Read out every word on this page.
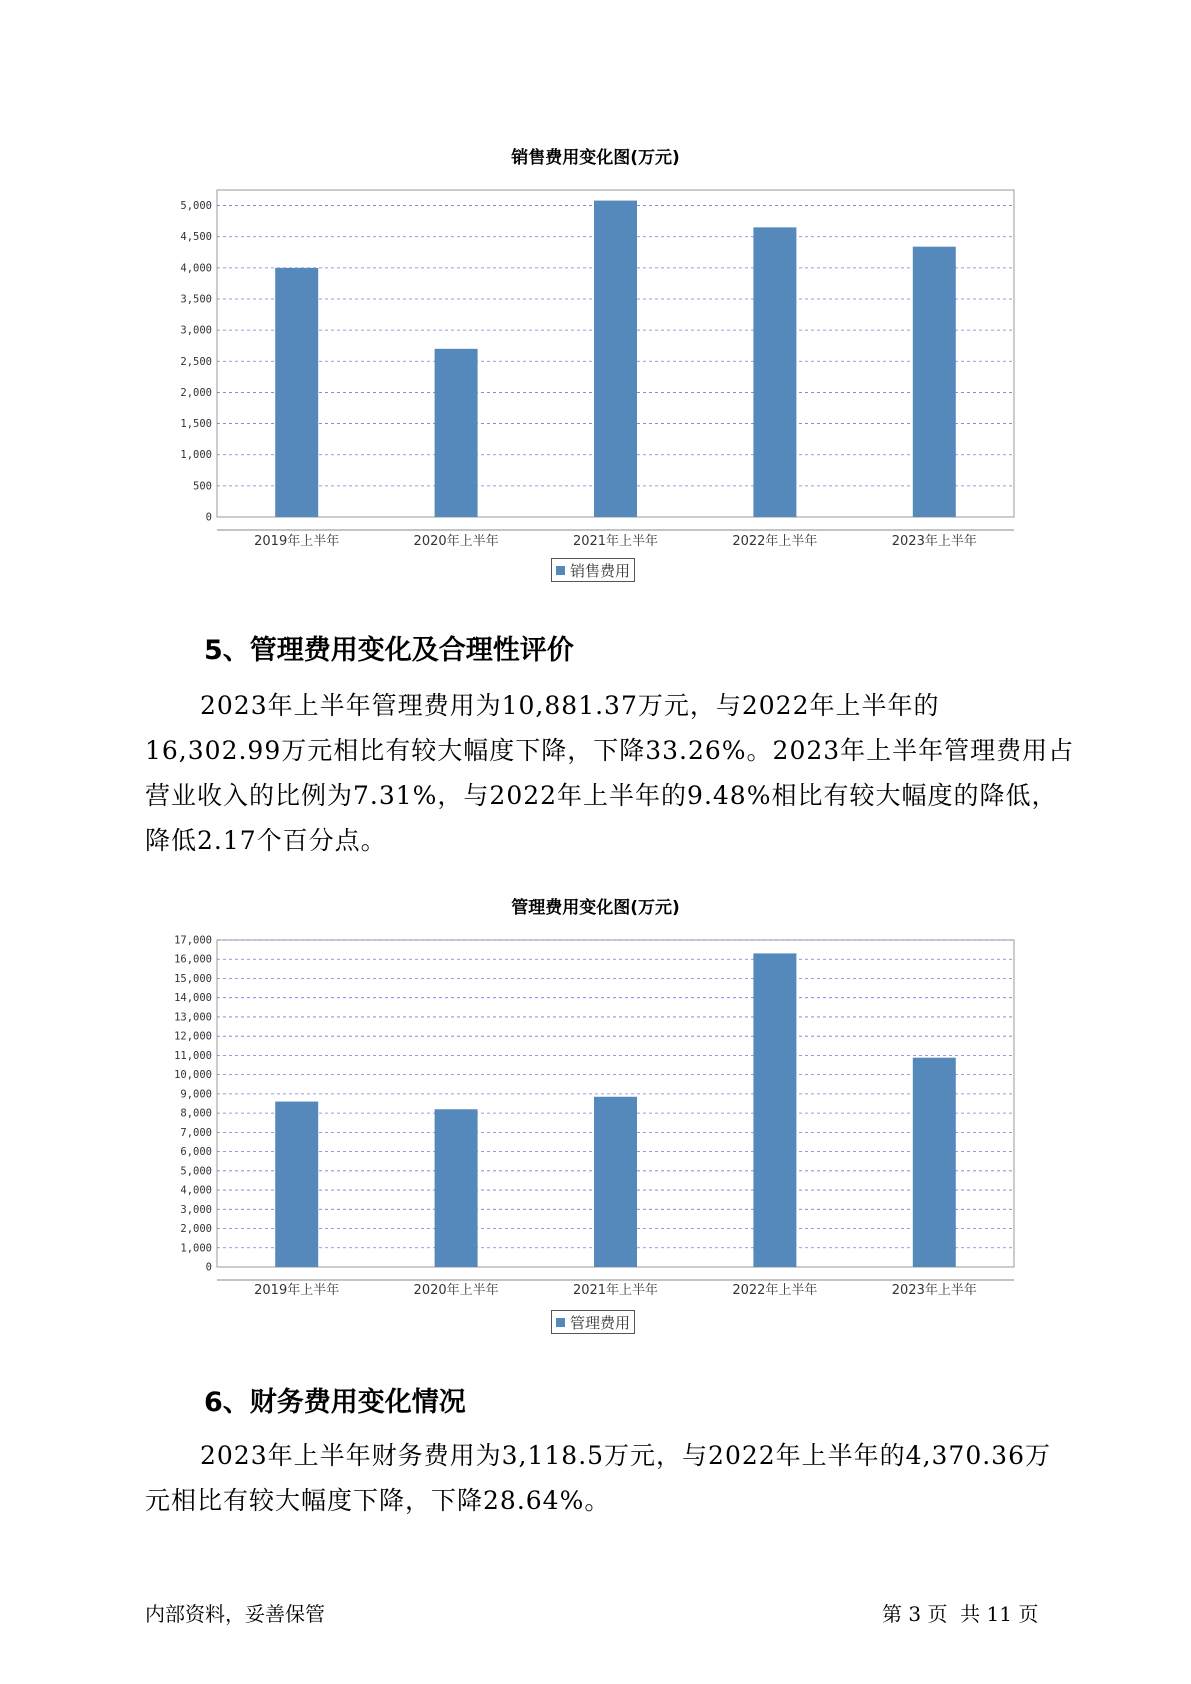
销售费用变化图(万元)
0
500
1,000
1,500
2,000
2,500
3,000
3,500
4,000
4,500
5,000
2019年上半年	2020年上半年	2021年上半年	2022年上半年	2023年上半年
销售费用
5、管理费用变化及合理性评价

2023年上半年管理费用为10,881.37万元，与2022年上半年的16,302.99万元相比有较大幅度下降，下降33.26%。2023年上半年管理费用占营业收入的比例为7.31%，与2022年上半年的9.48%相比有较大幅度的降低，降低2.17个百分点。

管理费用变化图(万元)
0
1,000
2,000
3,000
4,000
5,000
6,000
7,000
8,000
9,000
10,000
11,000
12,000
13,000
14,000
15,000
16,000
17,000
2019年上半年	2020年上半年	2021年上半年	2022年上半年	2023年上半年
管理费用
6、财务费用变化情况

2023年上半年财务费用为3,118.5万元，与2022年上半年的4,370.36万元相比有较大幅度下降，下降28.64%。

内部资料，妥善保管	第 3 页  共 11 页
